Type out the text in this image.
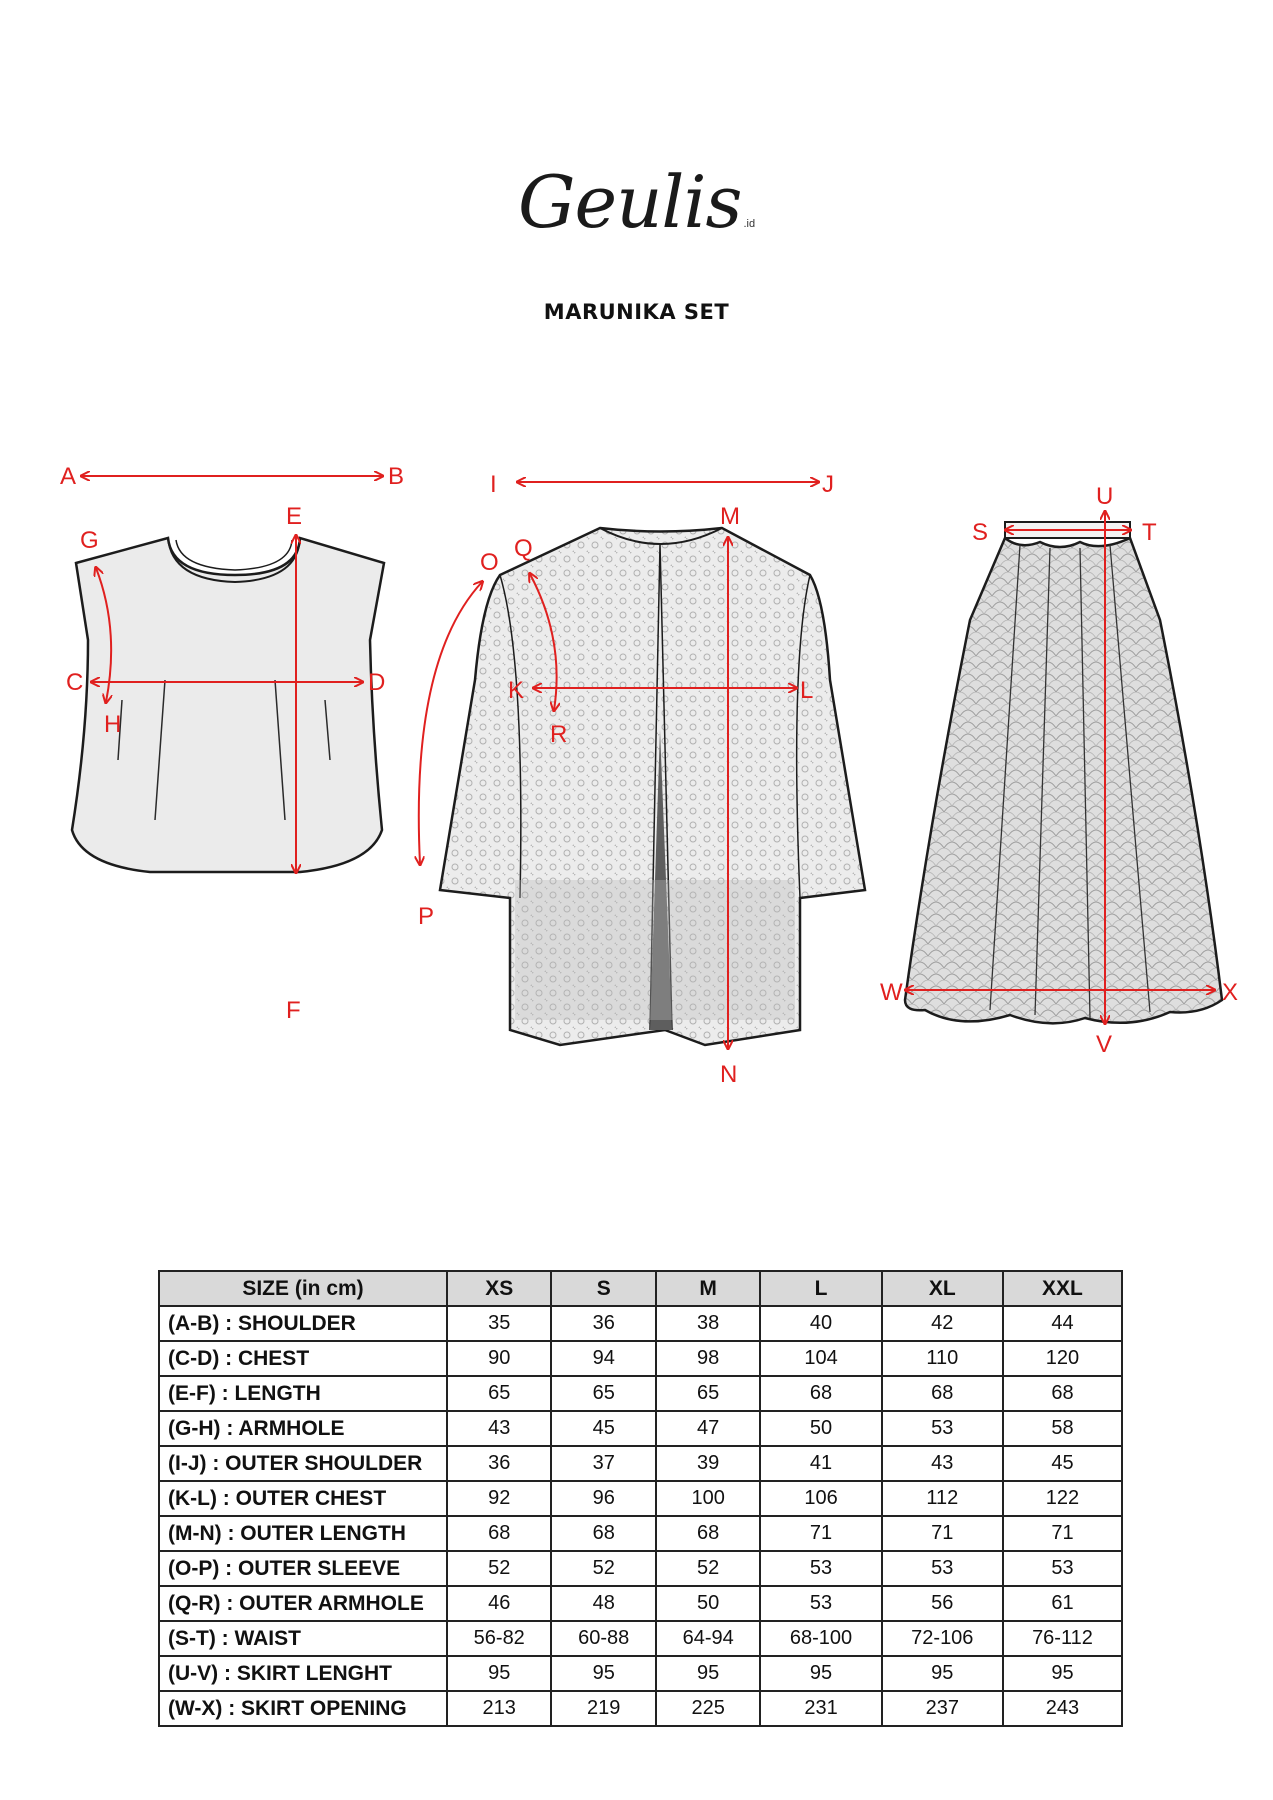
Geulis .id
MARUNIKA SET
A	B
C	D
E
F
G
H
I	J
K	L
M
N
O
P
Q
R
S	T
U
V
W	X
SIZE (in cm)	XS	S	M	L	XL	XXL
(A-B) : SHOULDER	35	36	38	40	42	44
(C-D) : CHEST	90	94	98	104	110	120
(E-F) : LENGTH	65	65	65	68	68	68
(G-H) : ARMHOLE	43	45	47	50	53	58
(I-J) : OUTER SHOULDER	36	37	39	41	43	45
(K-L) : OUTER CHEST	92	96	100	106	112	122
(M-N) : OUTER LENGTH	68	68	68	71	71	71
(O-P) : OUTER SLEEVE	52	52	52	53	53	53
(Q-R) : OUTER ARMHOLE	46	48	50	53	56	61
(S-T) : WAIST	56-82	60-88	64-94	68-100	72-106	76-112
(U-V) : SKIRT LENGHT	95	95	95	95	95	95
(W-X) : SKIRT OPENING	213	219	225	231	237	243
